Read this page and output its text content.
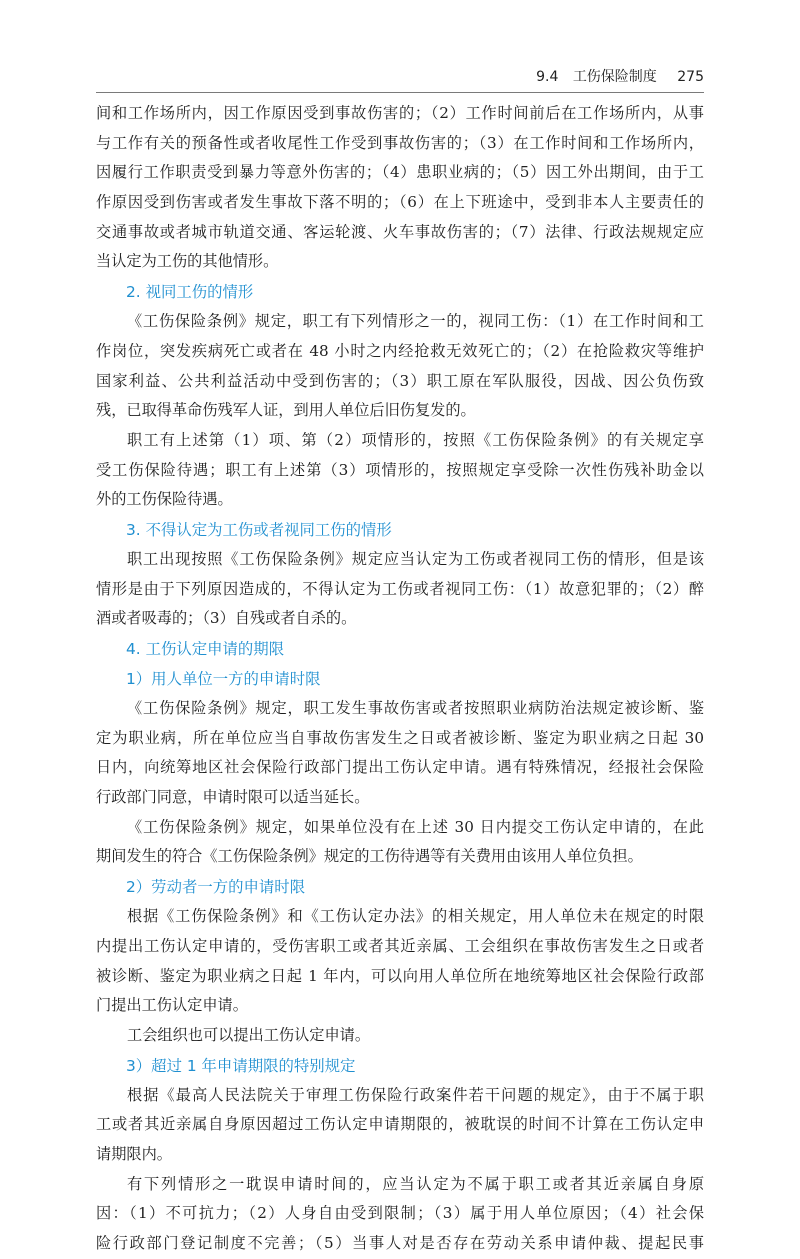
9.4 工伤保险制度 275
间和工作场所内，因工作原因受到事故伤害的；（2）工作时间前后在工作场所内，从事
与工作有关的预备性或者收尾性工作受到事故伤害的；（3）在工作时间和工作场所内，
因履行工作职责受到暴力等意外伤害的；（4）患职业病的；（5）因工外出期间，由于工
作原因受到伤害或者发生事故下落不明的；（6）在上下班途中，受到非本人主要责任的
交通事故或者城市轨道交通、客运轮渡、火车事故伤害的；（7）法律、行政法规规定应
当认定为工伤的其他情形。
2. 视同工伤的情形
《工伤保险条例》规定，职工有下列情形之一的，视同工伤：（1）在工作时间和工
作岗位，突发疾病死亡或者在 48 小时之内经抢救无效死亡的；（2）在抢险救灾等维护
国家利益、公共利益活动中受到伤害的；（3）职工原在军队服役，因战、因公负伤致
残，已取得革命伤残军人证，到用人单位后旧伤复发的。
职工有上述第（1）项、第（2）项情形的，按照《工伤保险条例》的有关规定享
受工伤保险待遇；职工有上述第（3）项情形的，按照规定享受除一次性伤残补助金以
外的工伤保险待遇。
3. 不得认定为工伤或者视同工伤的情形
职工出现按照《工伤保险条例》规定应当认定为工伤或者视同工伤的情形，但是该
情形是由于下列原因造成的，不得认定为工伤或者视同工伤：（1）故意犯罪的；（2）醉
酒或者吸毒的；（3）自残或者自杀的。
4. 工伤认定申请的期限
1）用人单位一方的申请时限
《工伤保险条例》规定，职工发生事故伤害或者按照职业病防治法规定被诊断、鉴
定为职业病，所在单位应当自事故伤害发生之日或者被诊断、鉴定为职业病之日起 30
日内，向统筹地区社会保险行政部门提出工伤认定申请。遇有特殊情况，经报社会保险
行政部门同意，申请时限可以适当延长。
《工伤保险条例》规定，如果单位没有在上述 30 日内提交工伤认定申请的，在此
期间发生的符合《工伤保险条例》规定的工伤待遇等有关费用由该用人单位负担。
2）劳动者一方的申请时限
根据《工伤保险条例》和《工伤认定办法》的相关规定，用人单位未在规定的时限
内提出工伤认定申请的，受伤害职工或者其近亲属、工会组织在事故伤害发生之日或者
被诊断、鉴定为职业病之日起 1 年内，可以向用人单位所在地统筹地区社会保险行政部
门提出工伤认定申请。
工会组织也可以提出工伤认定申请。
3）超过 1 年申请期限的特别规定
根据《最高人民法院关于审理工伤保险行政案件若干问题的规定》，由于不属于职
工或者其近亲属自身原因超过工伤认定申请期限的，被耽误的时间不计算在工伤认定申
请期限内。
有下列情形之一耽误申请时间的，应当认定为不属于职工或者其近亲属自身原
因：（1）不可抗力；（2）人身自由受到限制；（3）属于用人单位原因；（4）社会保
险行政部门登记制度不完善；（5）当事人对是否存在劳动关系申请仲裁、提起民事
